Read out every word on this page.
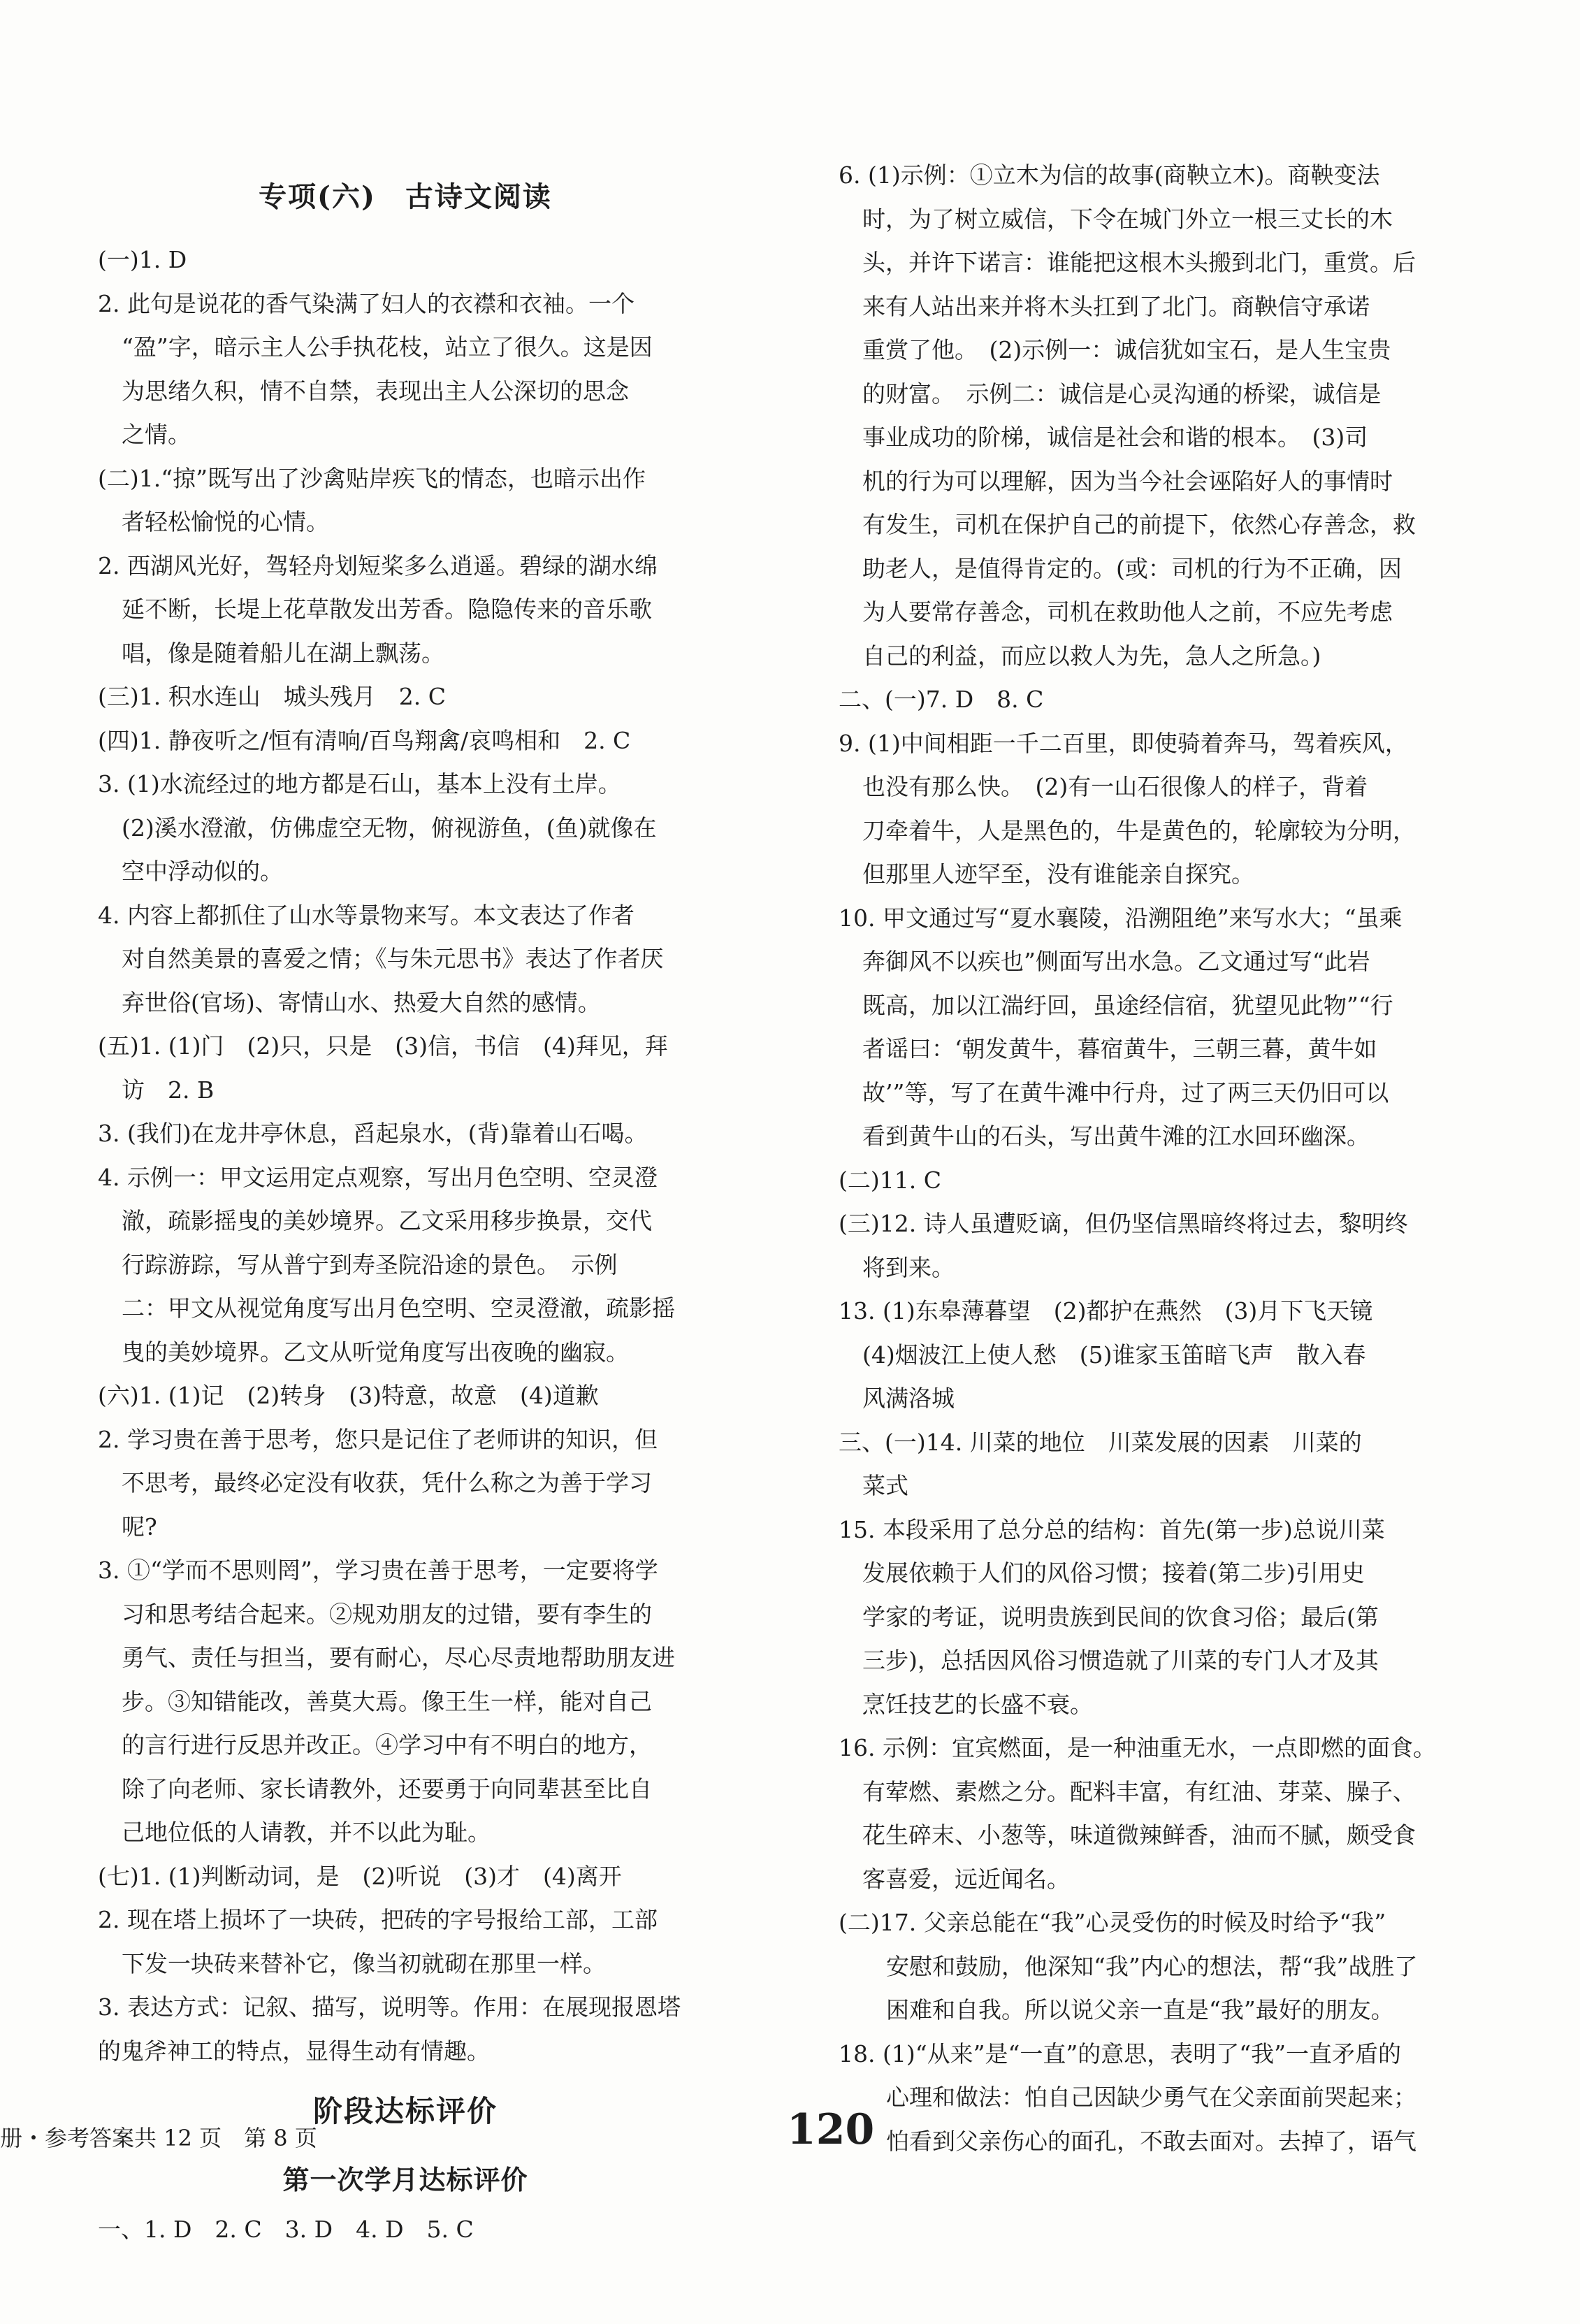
专项(六)　古诗文阅读
(一)1. D
2. 此句是说花的香气染满了妇人的衣襟和衣袖。一个
“盈”字，暗示主人公手执花枝，站立了很久。这是因
为思绪久积，情不自禁，表现出主人公深切的思念
之情。
(二)1.“掠”既写出了沙禽贴岸疾飞的情态，也暗示出作
者轻松愉悦的心情。
2. 西湖风光好，驾轻舟划短桨多么逍遥。碧绿的湖水绵
延不断，长堤上花草散发出芳香。隐隐传来的音乐歌
唱，像是随着船儿在湖上飘荡。
(三)1. 积水连山　城头残月　2. C
(四)1. 静夜听之/恒有清响/百鸟翔禽/哀鸣相和　2. C
3. (1)水流经过的地方都是石山，基本上没有土岸。
(2)溪水澄澈，仿佛虚空无物，俯视游鱼，(鱼)就像在
空中浮动似的。
4. 内容上都抓住了山水等景物来写。本文表达了作者
对自然美景的喜爱之情；《与朱元思书》表达了作者厌
弃世俗(官场)、寄情山水、热爱大自然的感情。
(五)1. (1)门　(2)只，只是　(3)信，书信　(4)拜见，拜
访　2. B
3. (我们)在龙井亭休息，舀起泉水，(背)靠着山石喝。
4. 示例一：甲文运用定点观察，写出月色空明、空灵澄
澈，疏影摇曳的美妙境界。乙文采用移步换景，交代
行踪游踪，写从普宁到寿圣院沿途的景色。　示例
二：甲文从视觉角度写出月色空明、空灵澄澈，疏影摇
曳的美妙境界。乙文从听觉角度写出夜晚的幽寂。
(六)1. (1)记　(2)转身　(3)特意，故意　(4)道歉
2. 学习贵在善于思考，您只是记住了老师讲的知识，但
不思考，最终必定没有收获，凭什么称之为善于学习
呢?
3. ①“学而不思则罔”，学习贵在善于思考，一定要将学
习和思考结合起来。②规劝朋友的过错，要有李生的
勇气、责任与担当，要有耐心，尽心尽责地帮助朋友进
步。③知错能改，善莫大焉。像王生一样，能对自己
的言行进行反思并改正。④学习中有不明白的地方，
除了向老师、家长请教外，还要勇于向同辈甚至比自
己地位低的人请教，并不以此为耻。
(七)1. (1)判断动词，是　(2)听说　(3)才　(4)离开
2. 现在塔上损坏了一块砖，把砖的字号报给工部，工部
下发一块砖来替补它，像当初就砌在那里一样。
3. 表达方式：记叙、描写，说明等。作用：在展现报恩塔
的鬼斧神工的特点，显得生动有情趣。
阶段达标评价
第一次学月达标评价
一、1. D　2. C　3. D　4. D　5. C
6. (1)示例：①立木为信的故事(商鞅立木)。商鞅变法
时，为了树立威信，下令在城门外立一根三丈长的木
头，并许下诺言：谁能把这根木头搬到北门，重赏。后
来有人站出来并将木头扛到了北门。商鞅信守承诺
重赏了他。　(2)示例一：诚信犹如宝石，是人生宝贵
的财富。　示例二：诚信是心灵沟通的桥梁，诚信是
事业成功的阶梯，诚信是社会和谐的根本。　(3)司
机的行为可以理解，因为当今社会诬陷好人的事情时
有发生，司机在保护自己的前提下，依然心存善念，救
助老人，是值得肯定的。(或：司机的行为不正确，因
为人要常存善念，司机在救助他人之前，不应先考虑
自己的利益，而应以救人为先，急人之所急。)
二、(一)7. D　8. C
9. (1)中间相距一千二百里，即使骑着奔马，驾着疾风，
也没有那么快。　(2)有一山石很像人的样子，背着
刀牵着牛，人是黑色的，牛是黄色的，轮廓较为分明，
但那里人迹罕至，没有谁能亲自探究。
10. 甲文通过写“夏水襄陵，沿溯阻绝”来写水大；“虽乘
奔御风不以疾也”侧面写出水急。乙文通过写“此岩
既高，加以江湍纡回，虽途经信宿，犹望见此物”“行
者谣曰：‘朝发黄牛，暮宿黄牛，三朝三暮，黄牛如
故’”等，写了在黄牛滩中行舟，过了两三天仍旧可以
看到黄牛山的石头，写出黄牛滩的江水回环幽深。
(二)11. C
(三)12. 诗人虽遭贬谪，但仍坚信黑暗终将过去，黎明终
将到来。
13. (1)东皋薄暮望　(2)都护在燕然　(3)月下飞天镜
(4)烟波江上使人愁　(5)谁家玉笛暗飞声　散入春
风满洛城
三、(一)14. 川菜的地位　川菜发展的因素　川菜的
菜式
15. 本段采用了总分总的结构：首先(第一步)总说川菜
发展依赖于人们的风俗习惯；接着(第二步)引用史
学家的考证，说明贵族到民间的饮食习俗；最后(第
三步)，总括因风俗习惯造就了川菜的专门人才及其
烹饪技艺的长盛不衰。
16. 示例：宜宾燃面，是一种油重无水，一点即燃的面食。
有荤燃、素燃之分。配料丰富，有红油、芽菜、臊子、
花生碎末、小葱等，味道微辣鲜香，油而不腻，颇受食
客喜爱，远近闻名。
(二)17. 父亲总能在“我”心灵受伤的时候及时给予“我”
安慰和鼓励，他深知“我”内心的想法，帮“我”战胜了
困难和自我。所以说父亲一直是“我”最好的朋友。
18. (1)“从来”是“一直”的意思，表明了“我”一直矛盾的
心理和做法：怕自己因缺少勇气在父亲面前哭起来；
怕看到父亲伤心的面孔，不敢去面对。去掉了，语气
册・参考答案共 12 页　第 8 页	120
